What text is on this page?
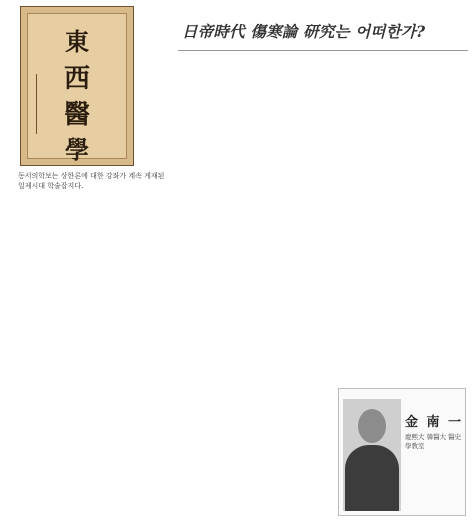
日帝時代 傷寒論 研究는 어떠한가?
東
西
醫
學
동서의학보는 상한론에 대한 강좌가 계속 게재된 일제시대 학술잡지다.

金 南 一
慶熙大 韓醫大 醫史學敎室
